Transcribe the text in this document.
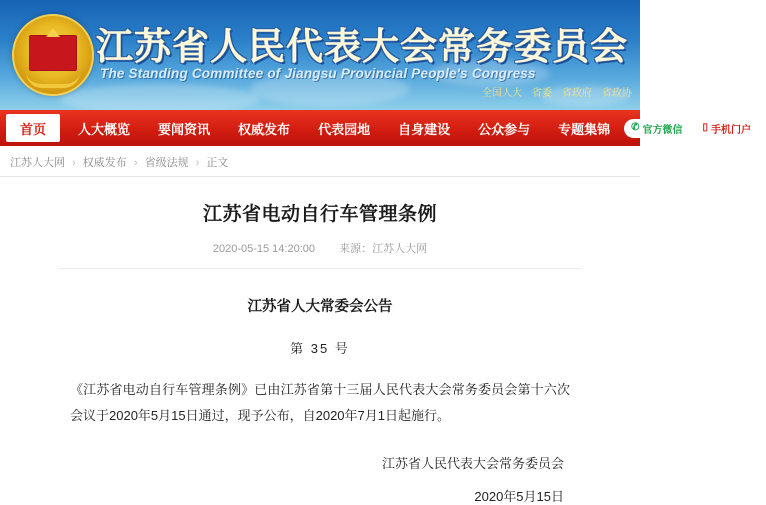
江苏省人民代表大会常务委员会
The Standing Committee of Jiangsu Provincial People's Congress
全国人大 省委 省政府 省政协
首页	人大概览	要闻资讯	权威发布	代表园地	自身建设	公众参与	专题集锦	✆ 官方微信 ▯ 手机门户
江苏人大网 › 权威发布 › 省级法规 › 正文
江苏省电动自行车管理条例
2020-05-15 14:20:00 来源：江苏人大网
江苏省人大常委会公告
第 35 号
《江苏省电动自行车管理条例》已由江苏省第十三届人民代表大会常务委员会第十六次会议于2020年5月15日通过，现予公布，自2020年7月1日起施行。
江苏省人民代表大会常务委员会
2020年5月15日
